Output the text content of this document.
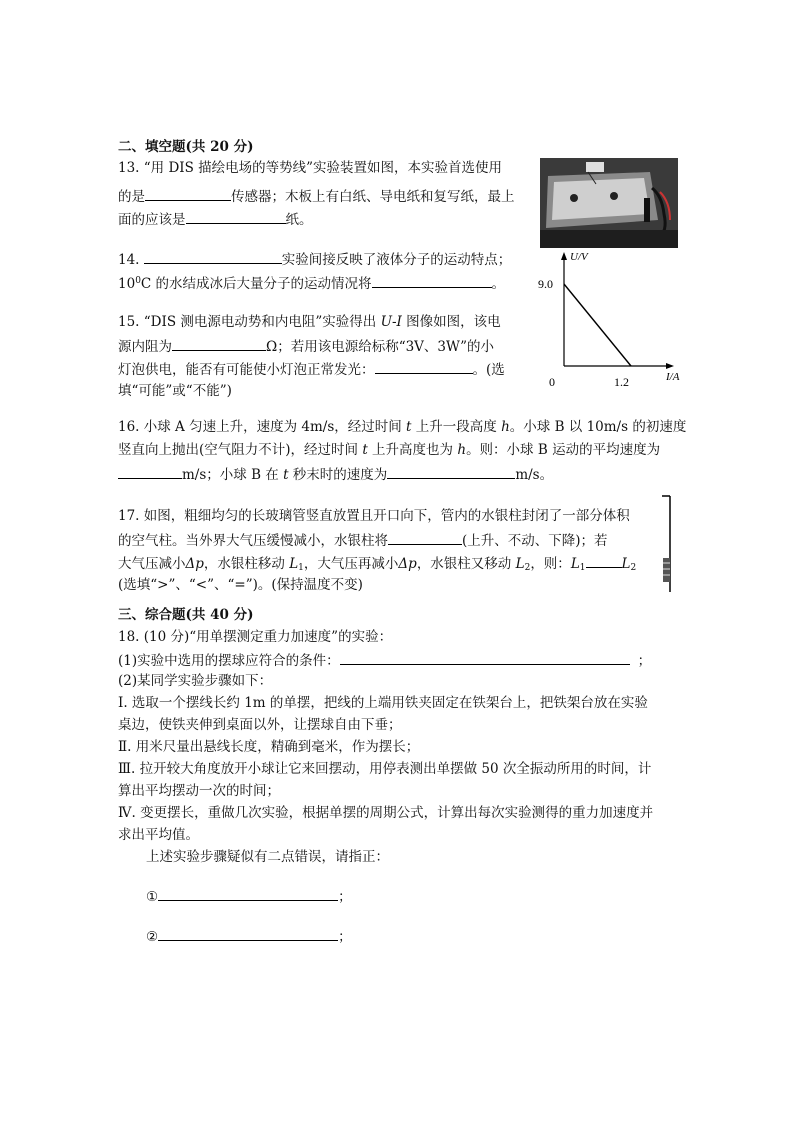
二、填空题(共 20 分)
13. “用 DIS 描绘电场的等势线”实验装置如图，本实验首选使用
的是	传感器；木板上有白纸、导电纸和复写纸，最上
面的应该是	纸。
14.	实验间接反映了液体分子的运动特点；
$10^0C$ 的水结成冰后大量分子的运动情况将	。
15. “DIS 测电源电动势和内电阻”实验得出 U-I 图像如图，该电
源内阻为	Ω；若用该电源给标称“3V、3W”的小
灯泡供电，能否有可能使小灯泡正常发光：	。(选
填“可能”或“不能”)
U/V
9.0
0	1.2	I/A
16. 小球 A 匀速上升，速度为 4m/s，经过时间 t 上升一段高度 h。小球 B 以 10m/s 的初速度
竖直向上抛出(空气阻力不计)，经过时间 t 上升高度也为 h。则：小球 B 运动的平均速度为
m/s；小球 B 在 t 秒末时的速度为	m/s。
17. 如图，粗细均匀的长玻璃管竖直放置且开口向下，管内的水银柱封闭了一部分体积
的空气柱。当外界大气压缓慢减小，水银柱将	(上升、不动、下降)；若
大气压减小Δp，水银柱移动 $L_1$，大气压再减小Δp，水银柱又移动 $L_2$，则：$L_1$	$L_2$
(选填“>”、“<”、“=”)。(保持温度不变)
三、综合题(共 40 分)
18. (10 分)“用单摆测定重力加速度”的实验：
(1)实验中选用的摆球应符合的条件：	；
(2)某同学实验步骤如下：
Ⅰ. 选取一个摆线长约 1m 的单摆，把线的上端用铁夹固定在铁架台上，把铁架台放在实验
桌边，使铁夹伸到桌面以外，让摆球自由下垂；
Ⅱ. 用米尺量出悬线长度，精确到毫米，作为摆长；
Ⅲ. 拉开较大角度放开小球让它来回摆动，用停表测出单摆做 50 次全振动所用的时间，计
算出平均摆动一次的时间；
Ⅳ. 变更摆长，重做几次实验，根据单摆的周期公式，计算出每次实验测得的重力加速度并
求出平均值。
上述实验步骤疑似有二点错误，请指正：
①	；
②	；
